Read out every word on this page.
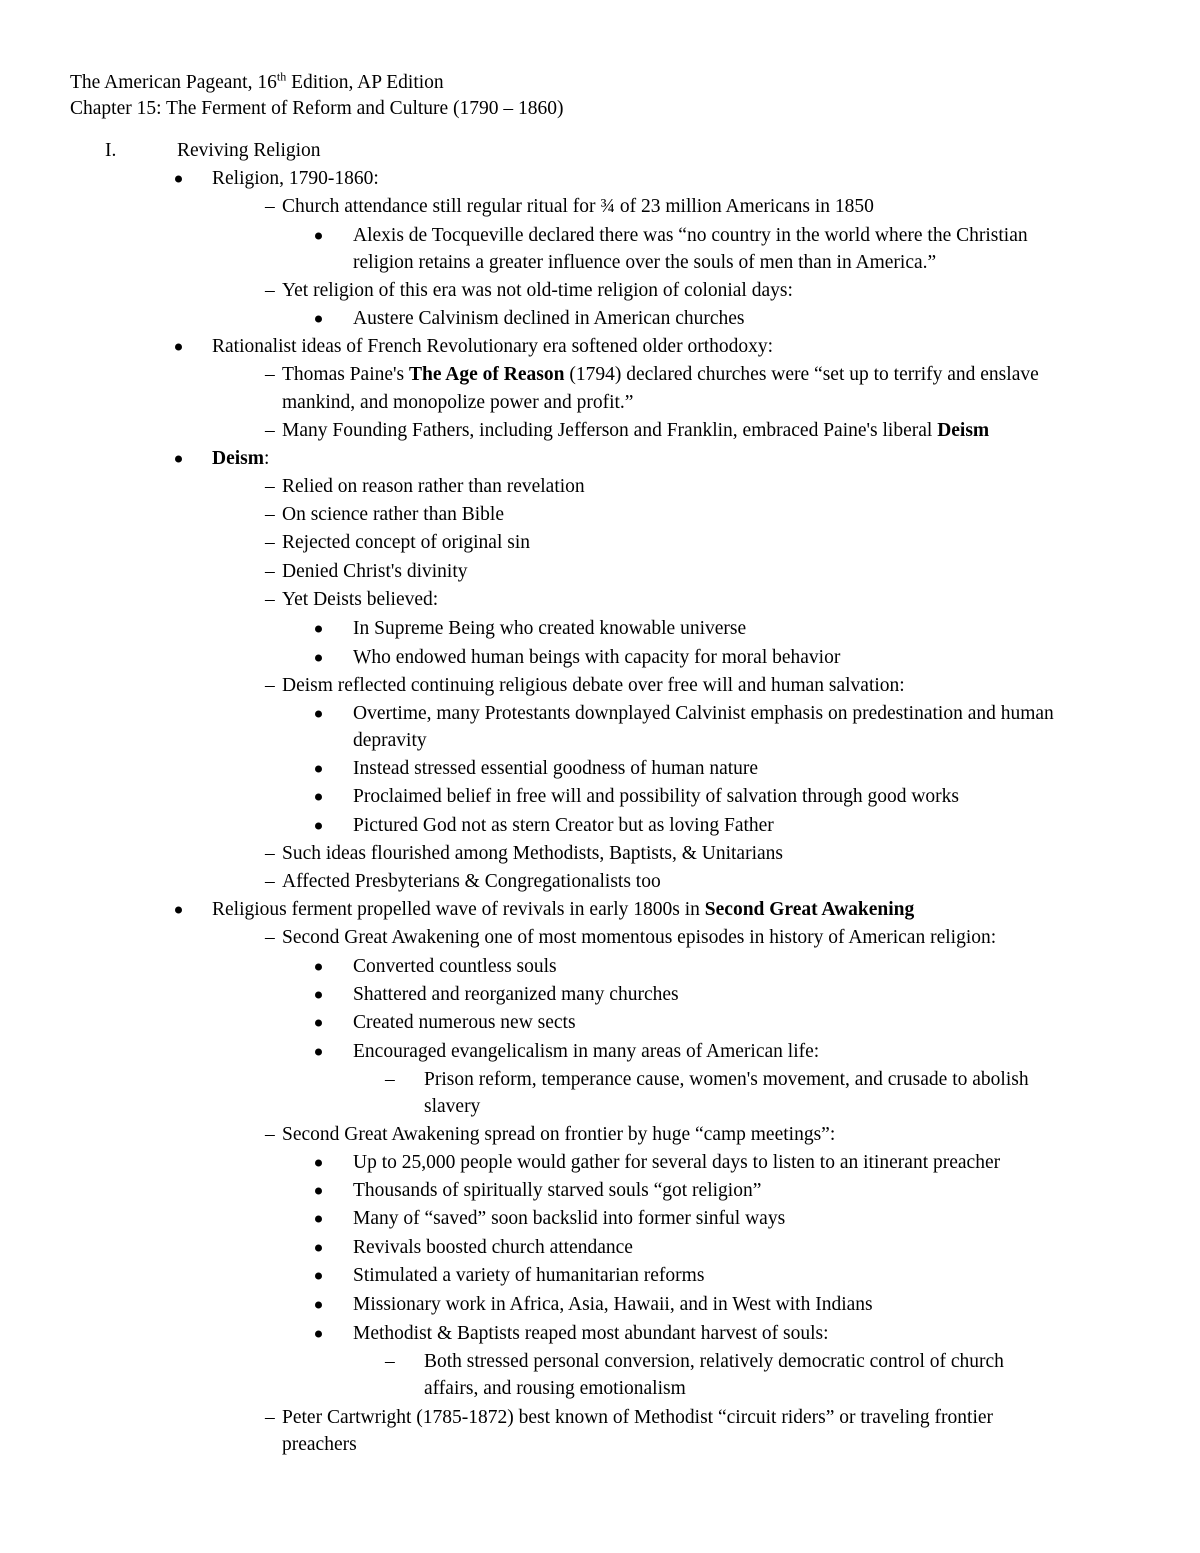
The American Pageant, 16th Edition, AP Edition
Chapter 15: The Ferment of Reform and Culture (1790 – 1860)
I.	Reviving Religion
Religion, 1790-1860:
– Church attendance still regular ritual for ¾ of 23 million Americans in 1850
Alexis de Tocqueville declared there was “no country in the world where the Christian
religion retains a greater influence over the souls of men than in America.”
– Yet religion of this era was not old-time religion of colonial days:
Austere Calvinism declined in American churches
Rationalist ideas of French Revolutionary era softened older orthodoxy:
– Thomas Paine's The Age of Reason (1794) declared churches were “set up to terrify and enslave
mankind, and monopolize power and profit.”
– Many Founding Fathers, including Jefferson and Franklin, embraced Paine's liberal Deism
Deism:
– Relied on reason rather than revelation
– On science rather than Bible
– Rejected concept of original sin
– Denied Christ's divinity
– Yet Deists believed:
In Supreme Being who created knowable universe
Who endowed human beings with capacity for moral behavior
– Deism reflected continuing religious debate over free will and human salvation:
Overtime, many Protestants downplayed Calvinist emphasis on predestination and human
depravity
Instead stressed essential goodness of human nature
Proclaimed belief in free will and possibility of salvation through good works
Pictured God not as stern Creator but as loving Father
– Such ideas flourished among Methodists, Baptists, & Unitarians
– Affected Presbyterians & Congregationalists too
Religious ferment propelled wave of revivals in early 1800s in Second Great Awakening
– Second Great Awakening one of most momentous episodes in history of American religion:
Converted countless souls
Shattered and reorganized many churches
Created numerous new sects
Encouraged evangelicalism in many areas of American life:
– Prison reform, temperance cause, women's movement, and crusade to abolish
slavery
– Second Great Awakening spread on frontier by huge “camp meetings”:
Up to 25,000 people would gather for several days to listen to an itinerant preacher
Thousands of spiritually starved souls “got religion”
Many of “saved” soon backslid into former sinful ways
Revivals boosted church attendance
Stimulated a variety of humanitarian reforms
Missionary work in Africa, Asia, Hawaii, and in West with Indians
Methodist & Baptists reaped most abundant harvest of souls:
– Both stressed personal conversion, relatively democratic control of church
affairs, and rousing emotionalism
– Peter Cartwright (1785-1872) best known of Methodist “circuit riders” or traveling frontier
preachers
